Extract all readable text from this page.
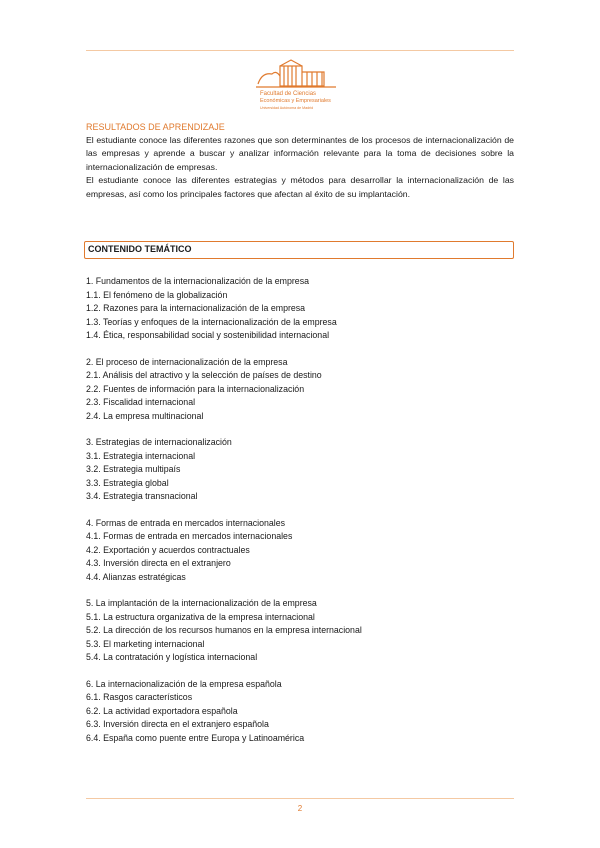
Facultad de Ciencias
Económicas y Empresariales
Universidad Autónoma de Madrid
RESULTADOS DE APRENDIZAJE

El estudiante conoce las diferentes razones que son determinantes de los procesos de internacionalización de las empresas y aprende a buscar y analizar información relevante para la toma de decisiones sobre la internacionalización de empresas.

El estudiante conoce las diferentes estrategias y métodos para desarrollar la internacionalización de las empresas, así como los principales factores que afectan al éxito de su implantación.

CONTENIDO TEMÁTICO
1. Fundamentos de la internacionalización de la empresa
1.1. El fenómeno de la globalización
1.2. Razones para la internacionalización de la empresa
1.3. Teorías y enfoques de la internacionalización de la empresa
1.4. Ética, responsabilidad social y sostenibilidad internacional
2. El proceso de internacionalización de la empresa
2.1. Análisis del atractivo y la selección de países de destino
2.2. Fuentes de información para la internacionalización
2.3. Fiscalidad internacional
2.4. La empresa multinacional
3. Estrategias de internacionalización
3.1. Estrategia internacional
3.2. Estrategia multipaís
3.3. Estrategia global
3.4. Estrategia transnacional
4. Formas de entrada en mercados internacionales
4.1. Formas de entrada en mercados internacionales
4.2. Exportación y acuerdos contractuales
4.3. Inversión directa en el extranjero
4.4. Alianzas estratégicas
5. La implantación de la internacionalización de la empresa
5.1. La estructura organizativa de la empresa internacional
5.2. La dirección de los recursos humanos en la empresa internacional
5.3. El marketing internacional
5.4. La contratación y logística internacional
6. La internacionalización de la empresa española
6.1. Rasgos característicos
6.2. La actividad exportadora española
6.3. Inversión directa en el extranjero española
6.4. España como puente entre Europa y Latinoamérica
2
